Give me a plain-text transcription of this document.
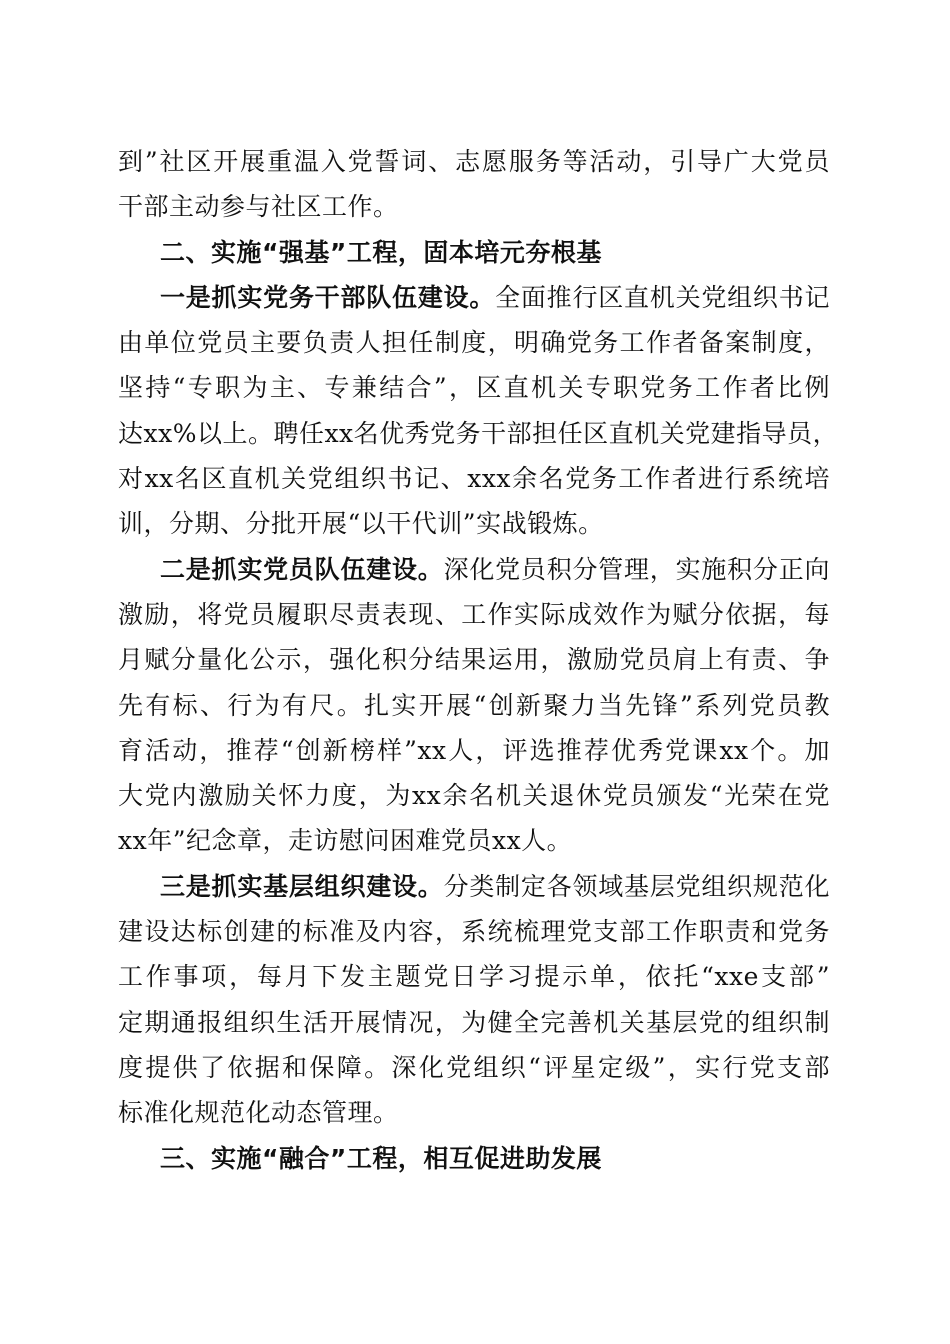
到”社区开展重温入党誓词、志愿服务等活动，引导广大党员
干部主动参与社区工作。
二、实施“强基”工程，固本培元夯根基
一是抓实党务干部队伍建设。全面推行区直机关党组织书记
由单位党员主要负责人担任制度，明确党务工作者备案制度，
坚持“专职为主、专兼结合”，区直机关专职党务工作者比例
达xx%以上。聘任xx名优秀党务干部担任区直机关党建指导员，
对xx名区直机关党组织书记、xxx余名党务工作者进行系统培
训，分期、分批开展“以干代训”实战锻炼。
二是抓实党员队伍建设。深化党员积分管理，实施积分正向
激励，将党员履职尽责表现、工作实际成效作为赋分依据，每
月赋分量化公示，强化积分结果运用，激励党员肩上有责、争
先有标、行为有尺。扎实开展“创新聚力当先锋”系列党员教
育活动，推荐“创新榜样”xx人，评选推荐优秀党课xx个。加
大党内激励关怀力度，为xx余名机关退休党员颁发“光荣在党
xx年”纪念章，走访慰问困难党员xx人。
三是抓实基层组织建设。分类制定各领域基层党组织规范化
建设达标创建的标准及内容，系统梳理党支部工作职责和党务
工作事项，每月下发主题党日学习提示单，依托“xxe支部”
定期通报组织生活开展情况，为健全完善机关基层党的组织制
度提供了依据和保障。深化党组织“评星定级”，实行党支部
标准化规范化动态管理。
三、实施“融合”工程，相互促进助发展
